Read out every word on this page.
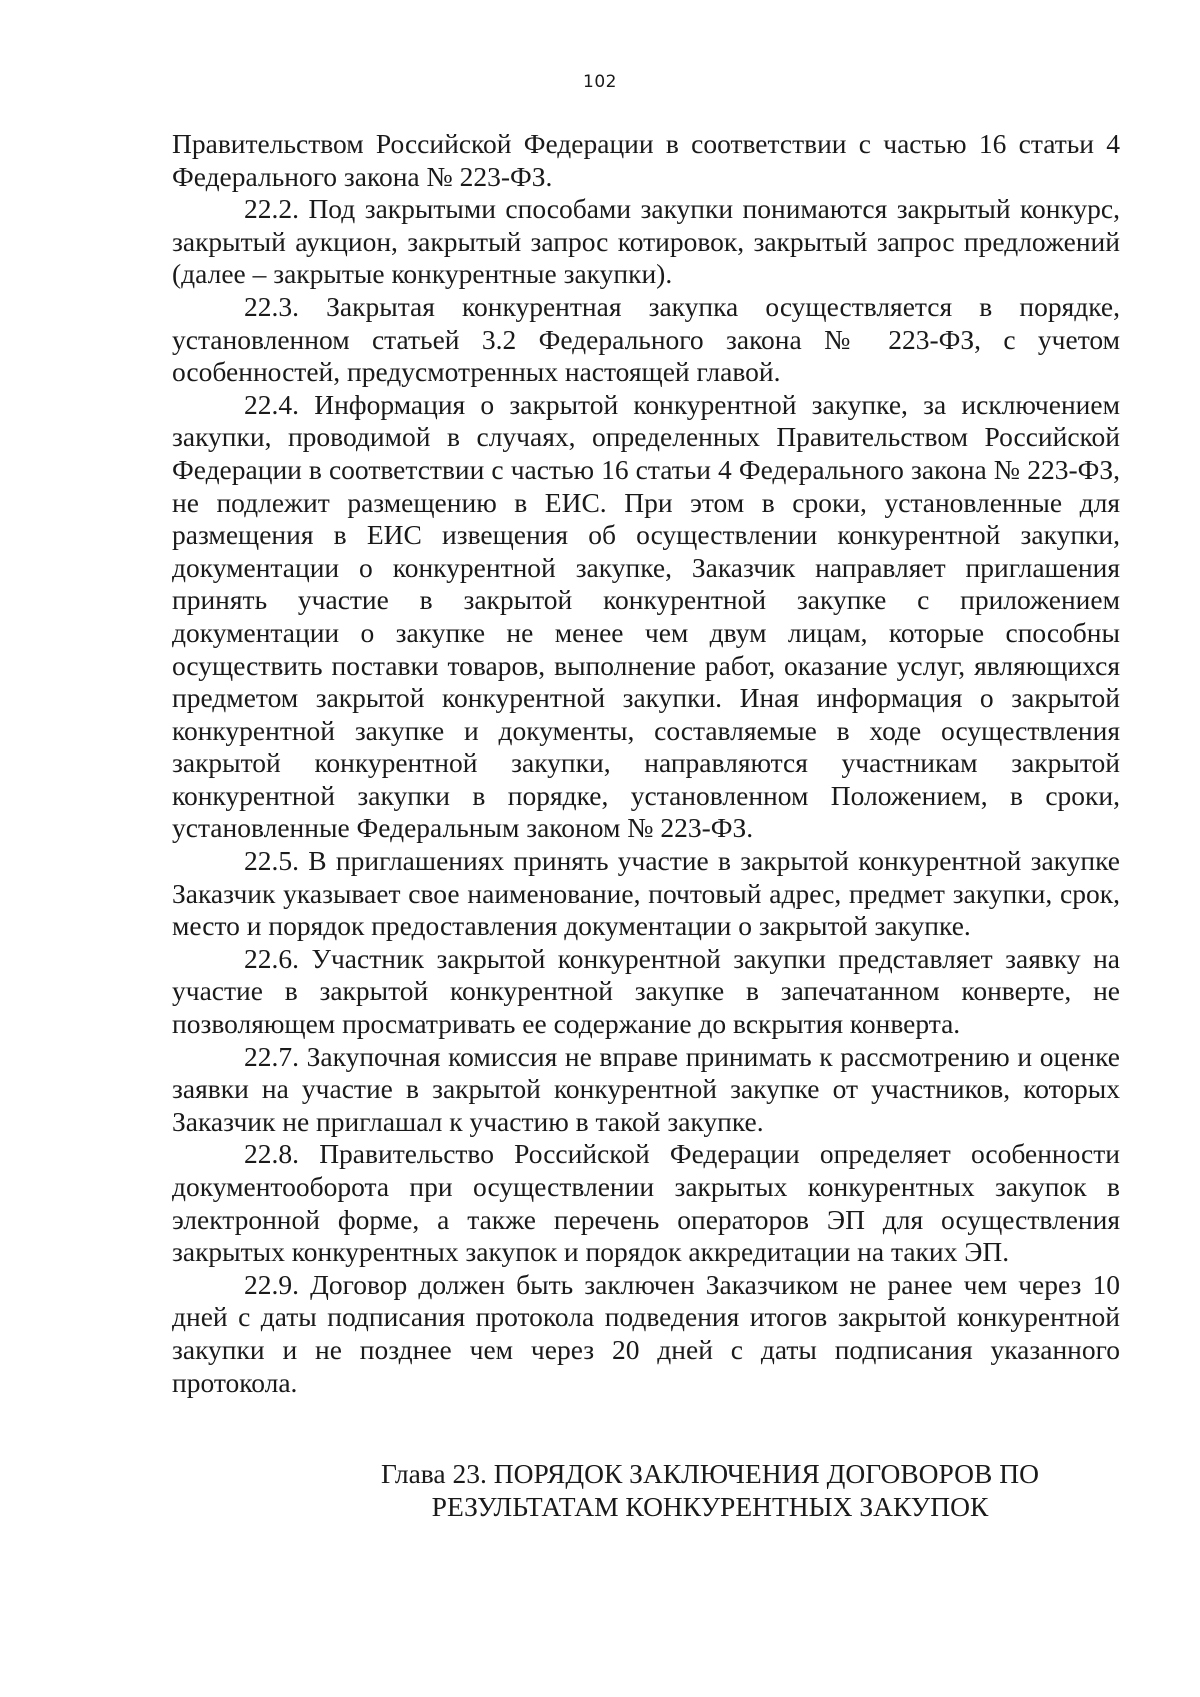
102

Правительством Российской Федерации в соответствии с частью 16 статьи 4 Федерального закона № 223-ФЗ.

22.2. Под закрытыми способами закупки понимаются закрытый конкурс, закрытый аукцион, закрытый запрос котировок, закрытый запрос предложений (далее – закрытые конкурентные закупки).

22.3. Закрытая конкурентная закупка осуществляется в порядке, установленном статьей 3.2 Федерального закона № 223-ФЗ, с учетом особенностей, предусмотренных настоящей главой.

22.4. Информация о закрытой конкурентной закупке, за исключением закупки, проводимой в случаях, определенных Правительством Российской Федерации в соответствии с частью 16 статьи 4 Федерального закона № 223-ФЗ, не подлежит размещению в ЕИС. При этом в сроки, установленные для размещения в ЕИС извещения об осуществлении конкурентной закупки, документации о конкурентной закупке, Заказчик направляет приглашения принять участие в закрытой конкурентной закупке с приложением документации о закупке не менее чем двум лицам, которые способны осуществить поставки товаров, выполнение работ, оказание услуг, являющихся предметом закрытой конкурентной закупки. Иная информация о закрытой конкурентной закупке и документы, составляемые в ходе осуществления закрытой конкурентной закупки, направляются участникам закрытой конкурентной закупки в порядке, установленном Положением, в сроки, установленные Федеральным законом № 223-ФЗ.

22.5. В приглашениях принять участие в закрытой конкурентной закупке Заказчик указывает свое наименование, почтовый адрес, предмет закупки, срок, место и порядок предоставления документации о закрытой закупке.

22.6. Участник закрытой конкурентной закупки представляет заявку на участие в закрытой конкурентной закупке в запечатанном конверте, не позволяющем просматривать ее содержание до вскрытия конверта.

22.7. Закупочная комиссия не вправе принимать к рассмотрению и оценке заявки на участие в закрытой конкурентной закупке от участников, которых Заказчик не приглашал к участию в такой закупке.

22.8. Правительство Российской Федерации определяет особенности документооборота при осуществлении закрытых конкурентных закупок в электронной форме, а также перечень операторов ЭП для осуществления закрытых конкурентных закупок и порядок аккредитации на таких ЭП.

22.9. Договор должен быть заключен Заказчиком не ранее чем через 10 дней с даты подписания протокола подведения итогов закрытой конкурентной закупки и не позднее чем через 20 дней с даты подписания указанного протокола.

Глава 23. ПОРЯДОК ЗАКЛЮЧЕНИЯ ДОГОВОРОВ ПО
РЕЗУЛЬТАТАМ КОНКУРЕНТНЫХ ЗАКУПОК
